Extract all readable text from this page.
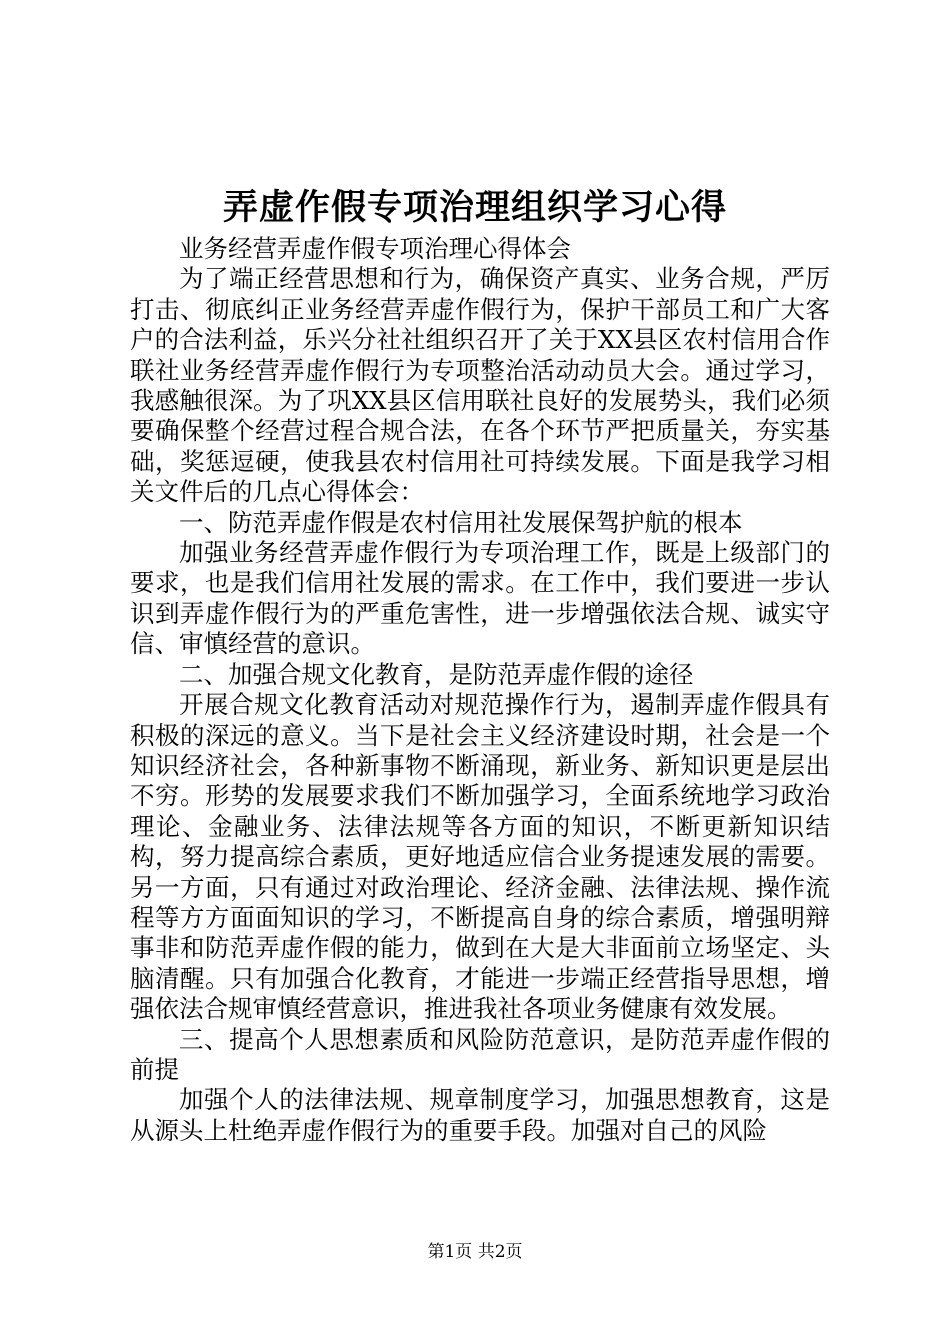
弄虚作假专项治理组织学习心得

业务经营弄虚作假专项治理心得体会

为了端正经营思想和行为，确保资产真实、业务合规，严厉打击、彻底纠正业务经营弄虚作假行为，保护干部员工和广大客户的合法利益，乐兴分社社组织召开了关于XX县区农村信用合作联社业务经营弄虚作假行为专项整治活动动员大会。通过学习，我感触很深。为了巩XX县区信用联社良好的发展势头，我们必须要确保整个经营过程合规合法，在各个环节严把质量关，夯实基础，奖惩逗硬，使我县农村信用社可持续发展。下面是我学习相关文件后的几点心得体会：

一、防范弄虚作假是农村信用社发展保驾护航的根本

加强业务经营弄虚作假行为专项治理工作，既是上级部门的要求，也是我们信用社发展的需求。在工作中，我们要进一步认识到弄虚作假行为的严重危害性，进一步增强依法合规、诚实守信、审慎经营的意识。

二、加强合规文化教育，是防范弄虚作假的途径

开展合规文化教育活动对规范操作行为，遏制弄虚作假具有积极的深远的意义。当下是社会主义经济建设时期，社会是一个知识经济社会，各种新事物不断涌现，新业务、新知识更是层出不穷。形势的发展要求我们不断加强学习，全面系统地学习政治理论、金融业务、法律法规等各方面的知识，不断更新知识结构，努力提高综合素质，更好地适应信合业务提速发展的需要。另一方面，只有通过对政治理论、经济金融、法律法规、操作流程等方方面面知识的学习，不断提高自身的综合素质，增强明辩事非和防范弄虚作假的能力，做到在大是大非面前立场坚定、头脑清醒。只有加强合化教育，才能进一步端正经营指导思想，增强依法合规审慎经营意识，推进我社各项业务健康有效发展。

三、提高个人思想素质和风险防范意识，是防范弄虚作假的前提

加强个人的法律法规、规章制度学习，加强思想教育，这是从源头上杜绝弄虚作假行为的重要手段。加强对自己的风险

第1页 共2页
